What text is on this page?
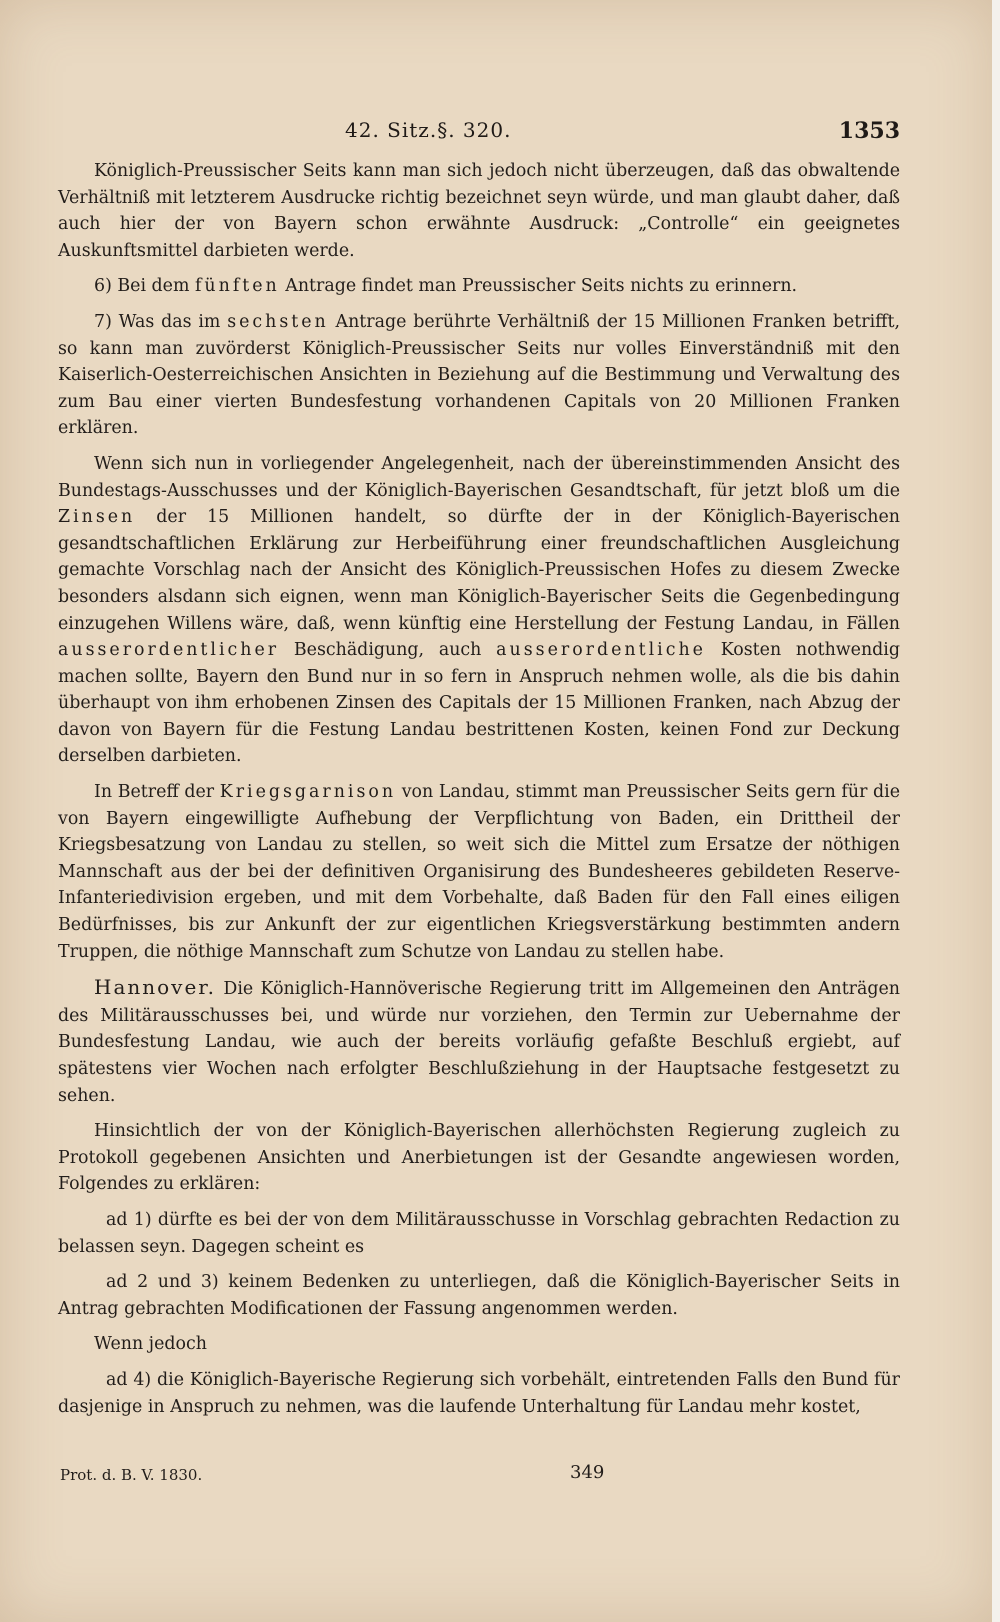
42. Sitz.§. 320.	1353

Königlich-Preussischer Seits kann man sich jedoch nicht überzeugen, daß das obwaltende Verhältniß mit letzterem Ausdrucke richtig bezeichnet seyn würde, und man glaubt daher, daß auch hier der von Bayern schon erwähnte Ausdruck: „Controlle“ ein geeignetes Auskunftsmittel darbieten werde.

6) Bei dem fünften Antrage findet man Preussischer Seits nichts zu erinnern.

7) Was das im sechsten Antrage berührte Verhältniß der 15 Millionen Franken betrifft, so kann man zuvörderst Königlich-Preussischer Seits nur volles Einverständniß mit den Kaiserlich-Oesterreichischen Ansichten in Beziehung auf die Bestimmung und Verwaltung des zum Bau einer vierten Bundesfestung vorhandenen Capitals von 20 Millionen Franken erklären.

Wenn sich nun in vorliegender Angelegenheit, nach der übereinstimmenden Ansicht des Bundestags-Ausschusses und der Königlich-Bayerischen Gesandtschaft, für jetzt bloß um die Zinsen der 15 Millionen handelt, so dürfte der in der Königlich-Bayerischen gesandtschaftlichen Erklärung zur Herbeiführung einer freundschaftlichen Ausgleichung gemachte Vorschlag nach der Ansicht des Königlich-Preussischen Hofes zu diesem Zwecke besonders alsdann sich eignen, wenn man Königlich-Bayerischer Seits die Gegenbedingung einzugehen Willens wäre, daß, wenn künftig eine Herstellung der Festung Landau, in Fällen ausserordentlicher Beschädigung, auch ausserordentliche Kosten nothwendig machen sollte, Bayern den Bund nur in so fern in Anspruch nehmen wolle, als die bis dahin überhaupt von ihm erhobenen Zinsen des Capitals der 15 Millionen Franken, nach Abzug der davon von Bayern für die Festung Landau bestrittenen Kosten, keinen Fond zur Deckung derselben darbieten.

In Betreff der Kriegsgarnison von Landau, stimmt man Preussischer Seits gern für die von Bayern eingewilligte Aufhebung der Verpflichtung von Baden, ein Drittheil der Kriegsbesatzung von Landau zu stellen, so weit sich die Mittel zum Ersatze der nöthigen Mannschaft aus der bei der definitiven Organisirung des Bundesheeres gebildeten Reserve-Infanteriedivision ergeben, und mit dem Vorbehalte, daß Baden für den Fall eines eiligen Bedürfnisses, bis zur Ankunft der zur eigentlichen Kriegsverstärkung bestimmten andern Truppen, die nöthige Mannschaft zum Schutze von Landau zu stellen habe.

Hannover. Die Königlich-Hannöverische Regierung tritt im Allgemeinen den Anträgen des Militärausschusses bei, und würde nur vorziehen, den Termin zur Uebernahme der Bundesfestung Landau, wie auch der bereits vorläufig gefaßte Beschluß ergiebt, auf spätestens vier Wochen nach erfolgter Beschlußziehung in der Hauptsache festgesetzt zu sehen.

Hinsichtlich der von der Königlich-Bayerischen allerhöchsten Regierung zugleich zu Protokoll gegebenen Ansichten und Anerbietungen ist der Gesandte angewiesen worden, Folgendes zu erklären:

ad 1) dürfte es bei der von dem Militärausschusse in Vorschlag gebrachten Redaction zu belassen seyn. Dagegen scheint es

ad 2 und 3) keinem Bedenken zu unterliegen, daß die Königlich-Bayerischer Seits in Antrag gebrachten Modificationen der Fassung angenommen werden.

Wenn jedoch

ad 4) die Königlich-Bayerische Regierung sich vorbehält, eintretenden Falls den Bund für dasjenige in Anspruch zu nehmen, was die laufende Unterhaltung für Landau mehr kostet,

Prot. d. B. V. 1830.	349
